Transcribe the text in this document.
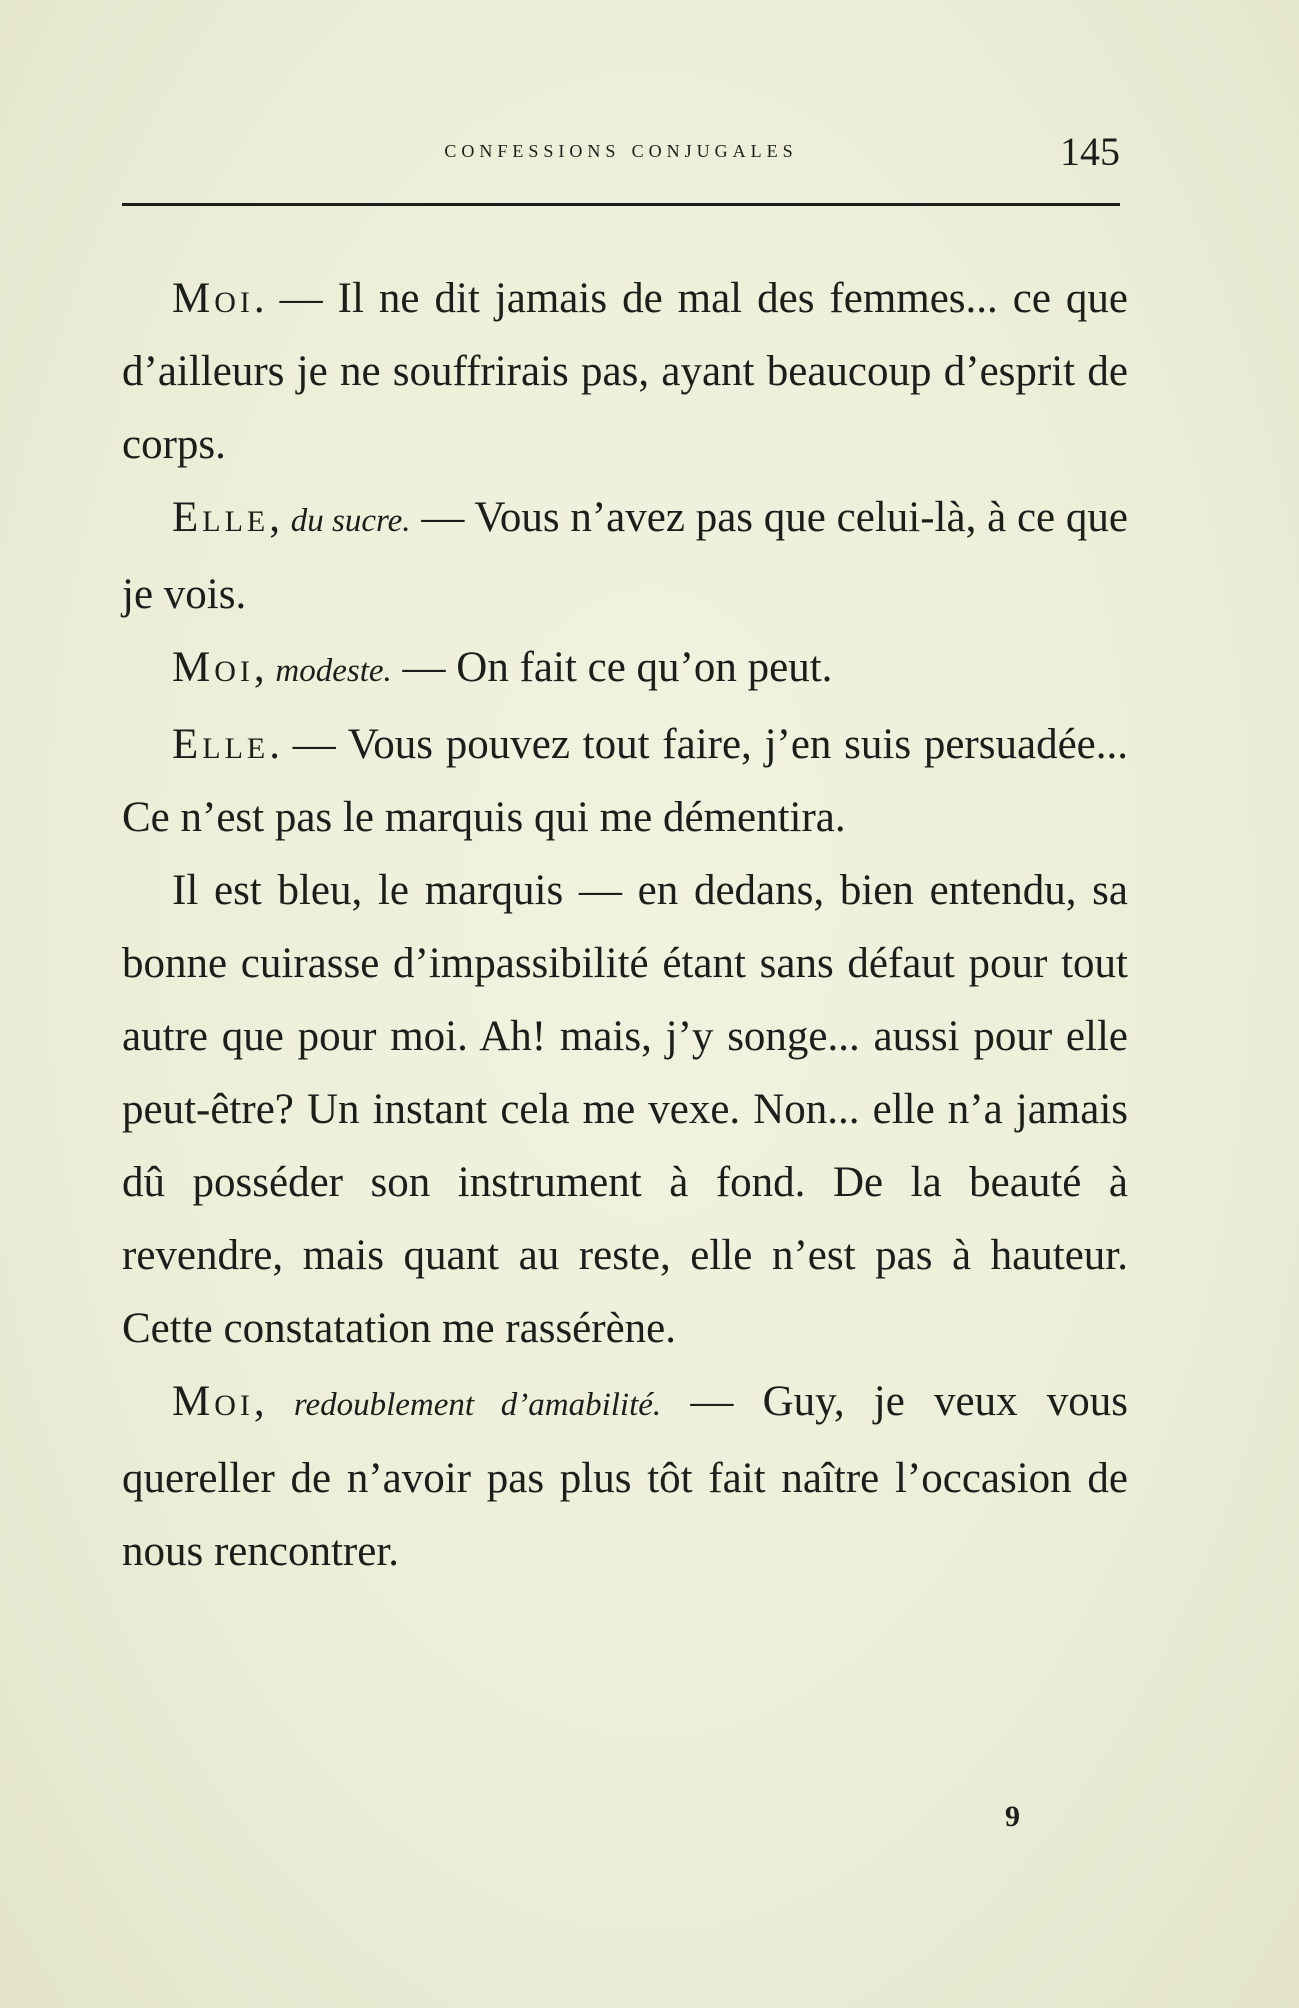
confessions conjugales	145

Moi. — Il ne dit jamais de mal des femmes... ce que d’ailleurs je ne souffrirais pas, ayant beaucoup d’esprit de corps.

Elle, du sucre. — Vous n’avez pas que celui-là, à ce que je vois.

Moi, modeste. — On fait ce qu’on peut.

Elle. — Vous pouvez tout faire, j’en suis persuadée... Ce n’est pas le marquis qui me démentira.

Il est bleu, le marquis — en dedans, bien entendu, sa bonne cuirasse d’impassibilité étant sans défaut pour tout autre que pour moi. Ah! mais, j’y songe... aussi pour elle peut-être? Un instant cela me vexe. Non... elle n’a jamais dû posséder son instrument à fond. De la beauté à revendre, mais quant au reste, elle n’est pas à hauteur. Cette constatation me rassérène.

Moi, redoublement d’amabilité. — Guy, je veux vous quereller de n’avoir pas plus tôt fait naître l’occasion de nous rencontrer.

9
